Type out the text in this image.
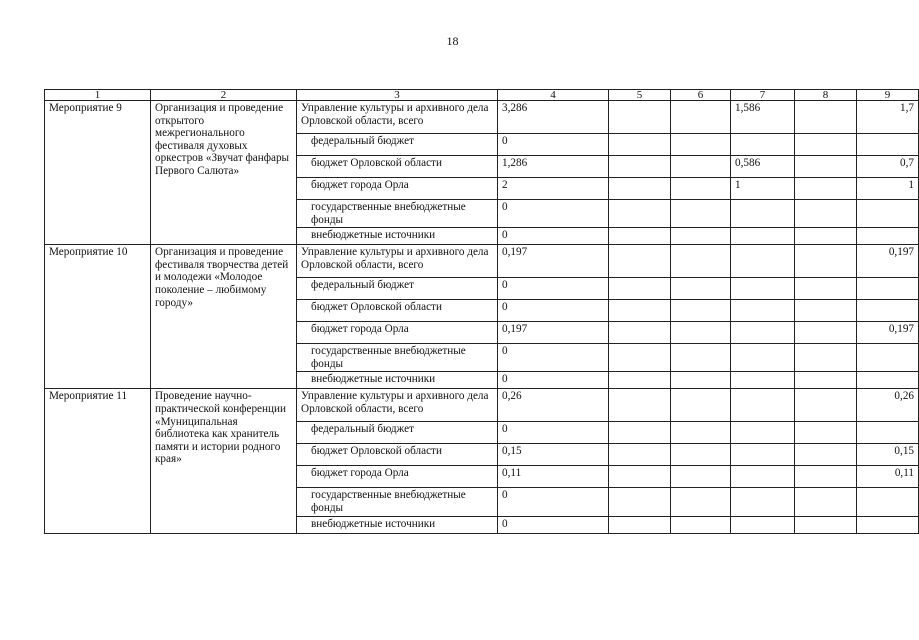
18
1	2	3	4	5	6	7	8	9
Мероприятие 9	Организация и проведение открытого межрегионального фестиваля духовых оркестров «Звучат фанфары Первого Салюта»	Управление культуры и архивного дела Орловской области, всего	3,286			1,586		1,7
		федеральный бюджет	0					
		бюджет Орловской области	1,286			0,586		0,7
		бюджет города Орла	2			1		1
		государственные внебюджетные фонды	0					
		внебюджетные источники	0					
Мероприятие 10	Организация и проведение фестиваля творчества детей и молодежи «Молодое поколение – любимому городу»	Управление культуры и архивного дела Орловской области, всего	0,197					0,197
		федеральный бюджет	0					
		бюджет Орловской области	0					
		бюджет города Орла	0,197					0,197
		государственные внебюджетные фонды	0					
		внебюджетные источники	0					
Мероприятие 11	Проведение научно-практической конференции «Муниципальная библиотека как хранитель памяти и истории родного края»	Управление культуры и архивного дела Орловской области, всего	0,26					0,26
		федеральный бюджет	0					
		бюджет Орловской области	0,15					0,15
		бюджет города Орла	0,11					0,11
		государственные внебюджетные фонды	0					
		внебюджетные источники	0					
